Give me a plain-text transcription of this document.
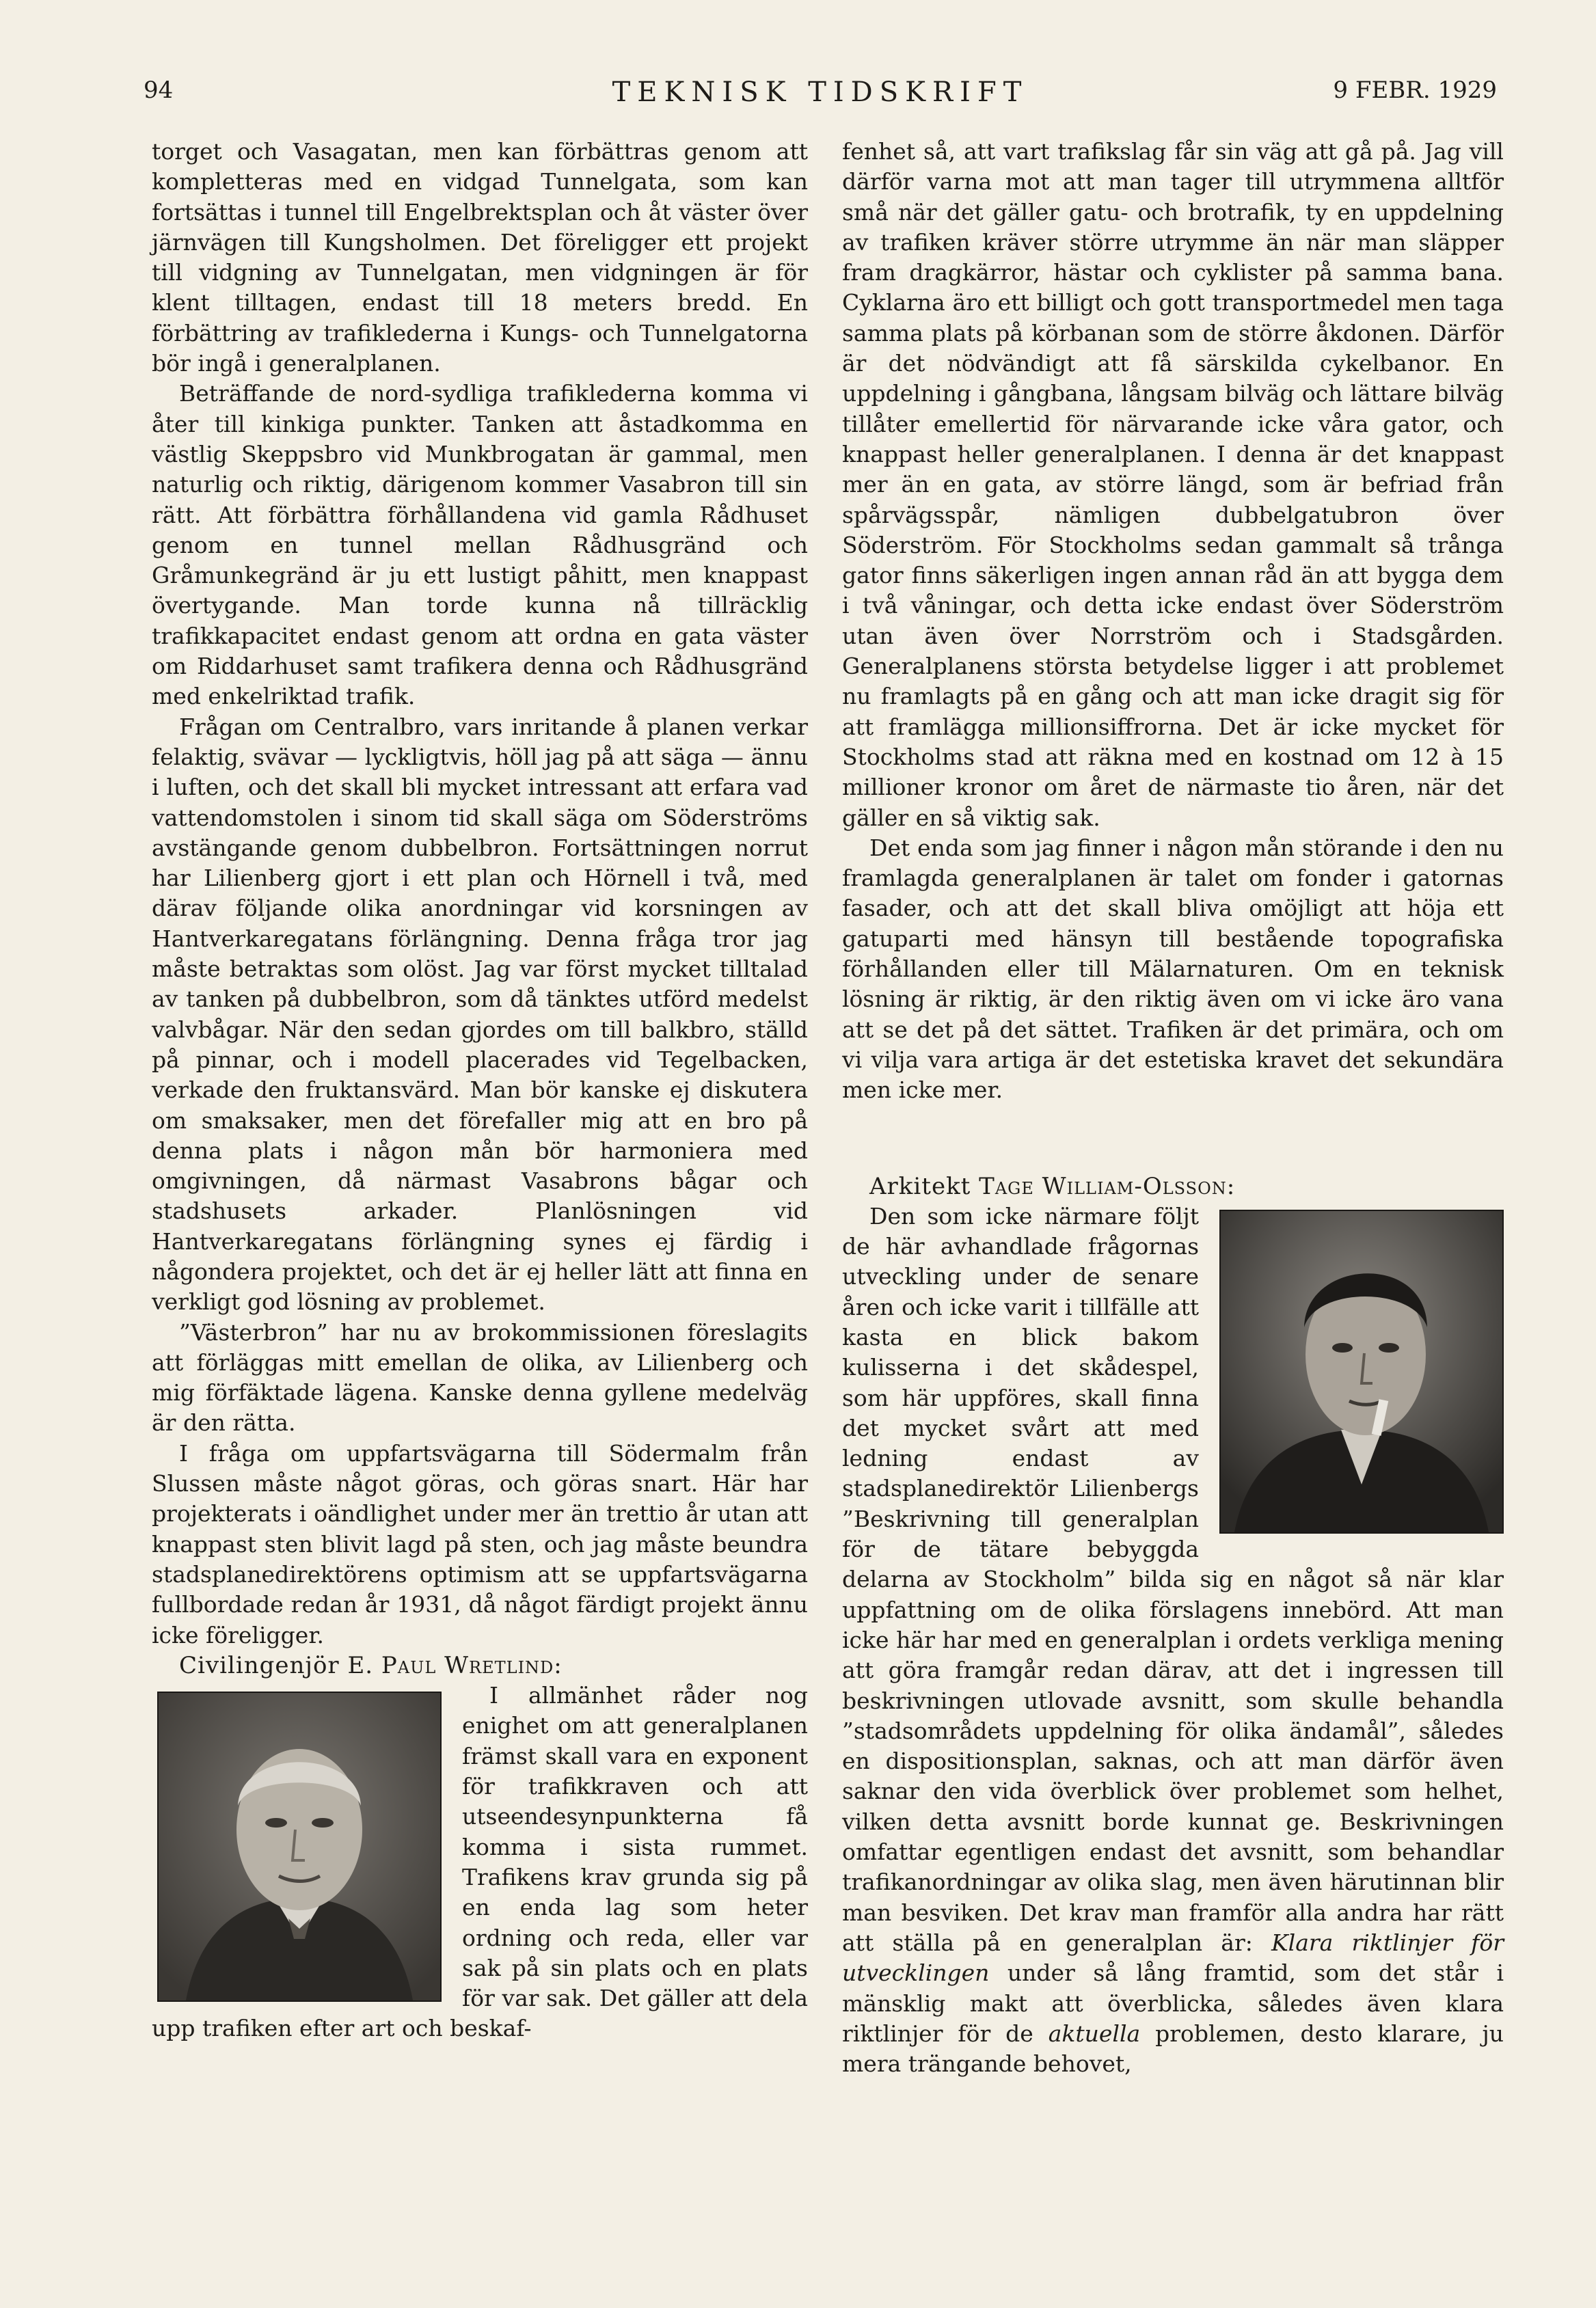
94	TEKNISK TIDSKRIFT	9 FEBR. 1929

torget och Vasagatan, men kan förbättras genom att kompletteras med en vidgad Tunnelgata, som kan fortsättas i tunnel till Engelbrektsplan och åt väster över järnvägen till Kungsholmen. Det föreligger ett projekt till vidgning av Tunnelgatan, men vidgningen är för klent tilltagen, endast till 18 meters bredd. En förbättring av trafiklederna i Kungs- och Tunnelgatorna bör ingå i generalplanen.

Beträffande de nord-sydliga trafiklederna komma vi åter till kinkiga punkter. Tanken att åstadkomma en västlig Skeppsbro vid Munkbrogatan är gammal, men naturlig och riktig, därigenom kommer Vasabron till sin rätt. Att förbättra förhållandena vid gamla Rådhuset genom en tunnel mellan Rådhusgränd och Gråmunkegränd är ju ett lustigt påhitt, men knappast övertygande. Man torde kunna nå tillräcklig trafikkapacitet endast genom att ordna en gata väster om Riddarhuset samt trafikera denna och Rådhusgränd med enkelriktad trafik.

Frågan om Centralbro, vars inritande å planen verkar felaktig, svävar — lyckligtvis, höll jag på att säga — ännu i luften, och det skall bli mycket intressant att erfara vad vattendomstolen i sinom tid skall säga om Söderströms avstängande genom dubbelbron. Fortsättningen norrut har Lilienberg gjort i ett plan och Hörnell i två, med därav följande olika anordningar vid korsningen av Hantverkaregatans förlängning. Denna fråga tror jag måste betraktas som olöst. Jag var först mycket tilltalad av tanken på dubbelbron, som då tänktes utförd medelst valvbågar. När den sedan gjordes om till balkbro, ställd på pinnar, och i modell placerades vid Tegelbacken, verkade den fruktansvärd. Man bör kanske ej diskutera om smaksaker, men det förefaller mig att en bro på denna plats i någon mån bör harmoniera med omgivningen, då närmast Vasabrons bågar och stadshusets arkader. Planlösningen vid Hantverkaregatans förlängning synes ej färdig i någondera projektet, och det är ej heller lätt att finna en verkligt god lösning av problemet.

”Västerbron” har nu av brokommissionen föreslagits att förläggas mitt emellan de olika, av Lilienberg och mig förfäktade lägena. Kanske denna gyllene medelväg är den rätta.

I fråga om uppfartsvägarna till Södermalm från Slussen måste något göras, och göras snart. Här har projekterats i oändlighet under mer än trettio år utan att knappast sten blivit lagd på sten, och jag måste beundra stadsplanedirektörens optimism att se uppfartsvägarna fullbordade redan år 1931, då något färdigt projekt ännu icke föreligger.

Civilingenjör E. Paul Wretlind:

I allmänhet råder nog enighet om att generalplanen främst skall vara en exponent för trafikkraven och att utseendesynpunkterna få komma i sista rummet. Trafikens krav grunda sig på en enda lag som heter ordning och reda, eller var sak på sin plats och en plats för var sak. Det gäller att dela upp trafiken efter art och beskaf-

fenhet så, att vart trafikslag får sin väg att gå på. Jag vill därför varna mot att man tager till utrymmena alltför små när det gäller gatu- och brotrafik, ty en uppdelning av trafiken kräver större utrymme än när man släpper fram dragkärror, hästar och cyklister på samma bana. Cyklarna äro ett billigt och gott transportmedel men taga samma plats på körbanan som de större åkdonen. Därför är det nödvändigt att få särskilda cykelbanor. En uppdelning i gångbana, långsam bilväg och lättare bilväg tillåter emellertid för närvarande icke våra gator, och knappast heller generalplanen. I denna är det knappast mer än en gata, av större längd, som är befriad från spårvägsspår, nämligen dubbelgatubron över Söderström. För Stockholms sedan gammalt så trånga gator finns säkerligen ingen annan råd än att bygga dem i två våningar, och detta icke endast över Söderström utan även över Norrström och i Stadsgården. Generalplanens största betydelse ligger i att problemet nu framlagts på en gång och att man icke dragit sig för att framlägga millionsiffrorna. Det är icke mycket för Stockholms stad att räkna med en kostnad om 12 à 15 millioner kronor om året de närmaste tio åren, när det gäller en så viktig sak.

Det enda som jag finner i någon mån störande i den nu framlagda generalplanen är talet om fonder i gatornas fasader, och att det skall bliva omöjligt att höja ett gatuparti med hänsyn till bestående topografiska förhållanden eller till Mälarnaturen. Om en teknisk lösning är riktig, är den riktig även om vi icke äro vana att se det på det sättet. Trafiken är det primära, och om vi vilja vara artiga är det estetiska kravet det sekundära men icke mer.

Arkitekt Tage William-Olsson:

Den som icke närmare följt de här avhandlade frågornas utveckling under de senare åren och icke varit i tillfälle att kasta en blick bakom kulisserna i det skådespel, som här uppföres, skall finna det mycket svårt att med ledning endast av stadsplanedirektör Lilienbergs ”Beskrivning till generalplan för de tätare bebyggda delarna av Stockholm” bilda sig en något så när klar uppfattning om de olika förslagens innebörd. Att man icke här har med en generalplan i ordets verkliga mening att göra framgår redan därav, att det i ingressen till beskrivningen utlovade avsnitt, som skulle behandla ”stadsområdets uppdelning för olika ändamål”, således en dispositionsplan, saknas, och att man därför även saknar den vida överblick över problemet som helhet, vilken detta avsnitt borde kunnat ge. Beskrivningen omfattar egentligen endast det avsnitt, som behandlar trafikanordningar av olika slag, men även härutinnan blir man besviken. Det krav man framför alla andra har rätt att ställa på en generalplan är: Klara riktlinjer för utvecklingen under så lång framtid, som det står i mänsklig makt att överblicka, således även klara riktlinjer för de aktuella problemen, desto klarare, ju mera trängande behovet,
